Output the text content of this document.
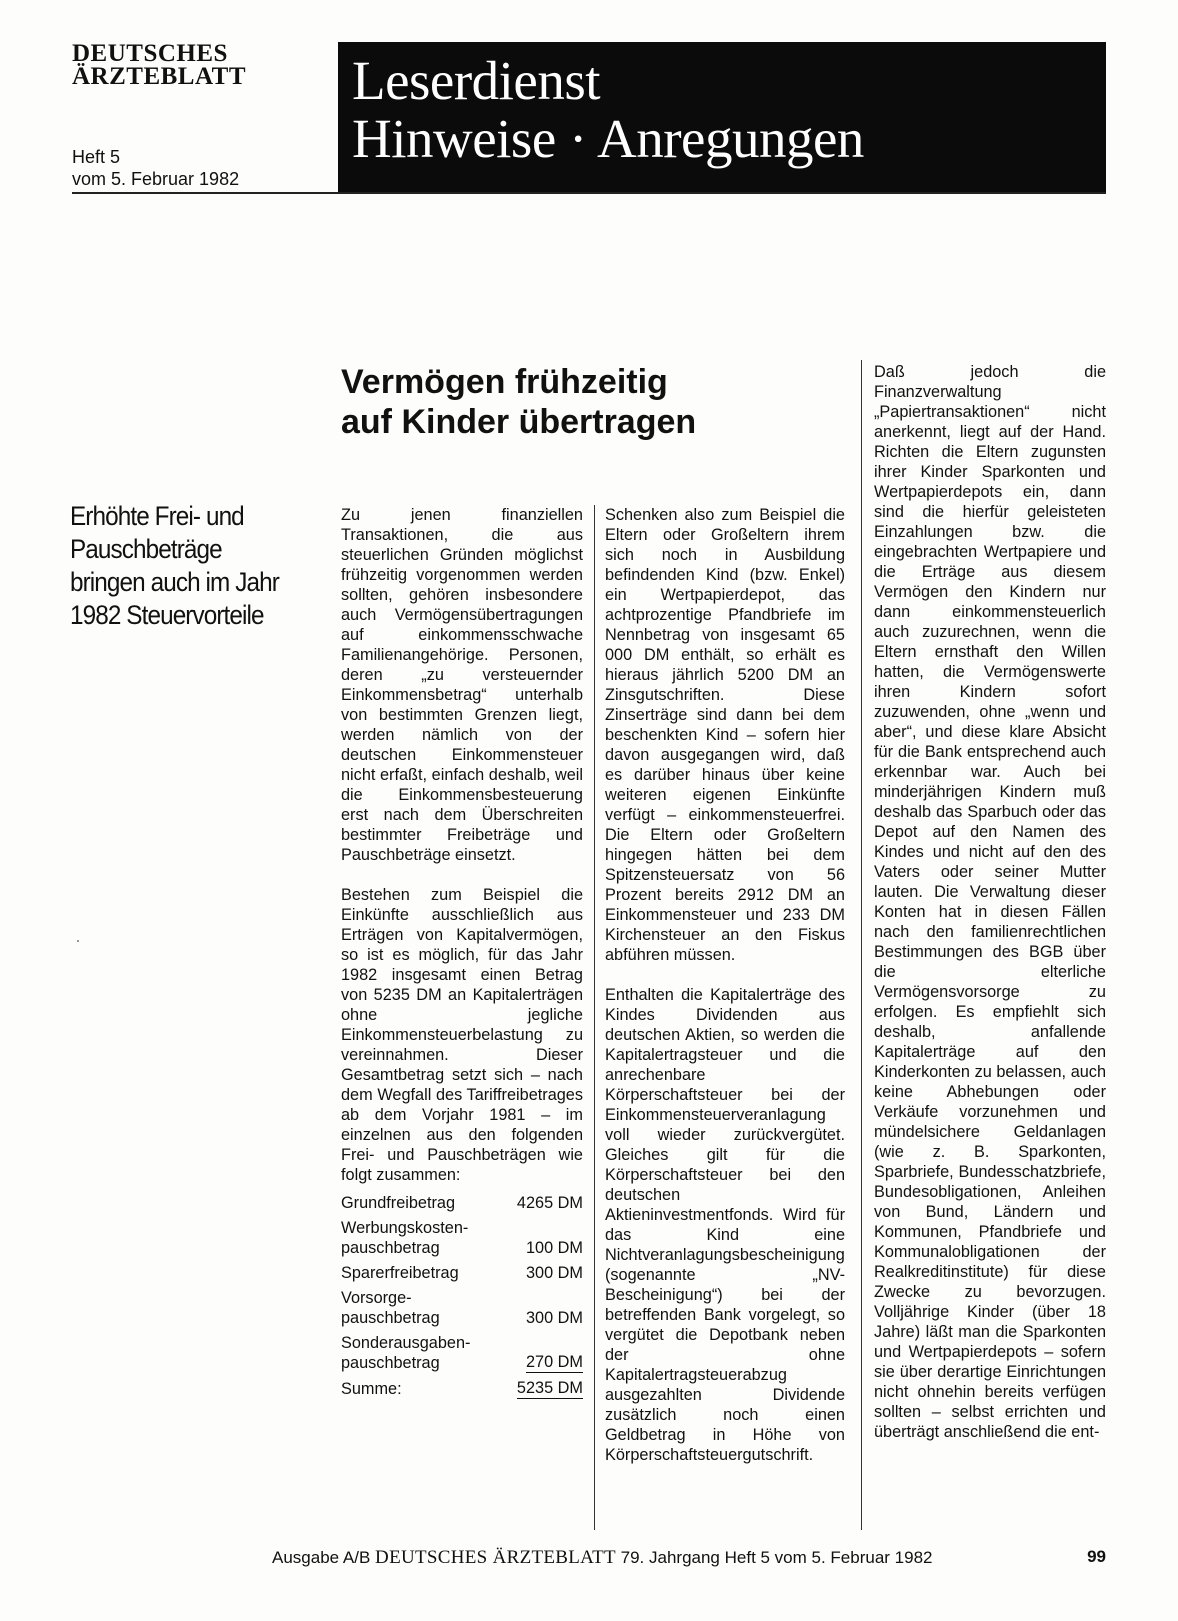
DEUTSCHES
ÄRZTEBLATT
Heft 5
vom 5. Februar 1982
Leserdienst
Hinweise · Anregungen
Erhöhte Frei- und Pauschbeträge bringen auch im Jahr 1982 Steuervorteile
Vermögen frühzeitig
auf Kinder übertragen

Zu jenen finanziellen Transaktionen, die aus steuerlichen Gründen möglichst frühzeitig vorgenommen werden sollten, gehören insbesondere auch Vermögensübertragungen auf einkommensschwache Familienangehörige. Personen, deren „zu versteuernder Einkommensbetrag“ unterhalb von bestimmten Grenzen liegt, werden nämlich von der deutschen Einkommensteuer nicht erfaßt, einfach deshalb, weil die Einkommensbesteuerung erst nach dem Überschreiten bestimmter Freibeträge und Pauschbeträge einsetzt.

Bestehen zum Beispiel die Einkünfte ausschließlich aus Erträgen von Kapitalvermögen, so ist es möglich, für das Jahr 1982 insgesamt einen Betrag von 5235 DM an Kapitalerträgen ohne jegliche Einkommensteuerbelastung zu vereinnahmen. Dieser Gesamtbetrag setzt sich – nach dem Wegfall des Tariffreibetrages ab dem Vorjahr 1981 – im einzelnen aus den folgenden Frei- und Pauschbeträgen wie folgt zusammen:

Grundfreibetrag	4265 DM
Werbungskosten-
pauschbetrag	100 DM
Sparerfreibetrag	300 DM
Vorsorge-
pauschbetrag	300 DM
Sonderausgaben-
pauschbetrag	270 DM
Summe:	5235 DM

Schenken also zum Beispiel die Eltern oder Großeltern ihrem sich noch in Ausbildung befindenden Kind (bzw. Enkel) ein Wertpapierdepot, das achtprozentige Pfandbriefe im Nennbetrag von insgesamt 65 000 DM enthält, so erhält es hieraus jährlich 5200 DM an Zinsgutschriften. Diese Zinserträge sind dann bei dem beschenkten Kind – sofern hier davon ausgegangen wird, daß es darüber hinaus über keine weiteren eigenen Einkünfte verfügt – einkommensteuerfrei. Die Eltern oder Großeltern hingegen hätten bei dem Spitzensteuersatz von 56 Prozent bereits 2912 DM an Einkommensteuer und 233 DM Kirchensteuer an den Fiskus abführen müssen.

Enthalten die Kapitalerträge des Kindes Dividenden aus deutschen Aktien, so werden die Kapitalertragsteuer und die anrechenbare Körperschaftsteuer bei der Einkommensteuerveranlagung voll wieder zurückvergütet. Gleiches gilt für die Körperschaftsteuer bei den deutschen Aktieninvestmentfonds. Wird für das Kind eine Nichtveranlagungsbescheinigung (sogenannte „NV-Bescheinigung“) bei der betreffenden Bank vorgelegt, so vergütet die Depotbank neben der ohne Kapitalertragsteuerabzug ausgezahlten Dividende zusätzlich noch einen Geldbetrag in Höhe von Körperschaftsteuergutschrift.

Daß jedoch die Finanzverwaltung „Papiertransaktionen“ nicht anerkennt, liegt auf der Hand. Richten die Eltern zugunsten ihrer Kinder Sparkonten und Wertpapierdepots ein, dann sind die hierfür geleisteten Einzahlungen bzw. die eingebrachten Wertpapiere und die Erträge aus diesem Vermögen den Kindern nur dann einkommensteuerlich auch zuzurechnen, wenn die Eltern ernsthaft den Willen hatten, die Vermögenswerte ihren Kindern sofort zuzuwenden, ohne „wenn und aber“, und diese klare Absicht für die Bank entsprechend auch erkennbar war. Auch bei minderjährigen Kindern muß deshalb das Sparbuch oder das Depot auf den Namen des Kindes und nicht auf den des Vaters oder seiner Mutter lauten. Die Verwaltung dieser Konten hat in diesen Fällen nach den familienrechtlichen Bestimmungen des BGB über die elterliche Vermögensvorsorge zu erfolgen. Es empfiehlt sich deshalb, anfallende Kapitalerträge auf den Kinderkonten zu belassen, auch keine Abhebungen oder Verkäufe vorzunehmen und mündelsichere Geldanlagen (wie z. B. Sparkonten, Sparbriefe, Bundesschatzbriefe, Bundesobligationen, Anleihen von Bund, Ländern und Kommunen, Pfandbriefe und Kommunalobligationen der Realkreditinstitute) für diese Zwecke zu bevorzugen. Volljährige Kinder (über 18 Jahre) läßt man die Sparkonten und Wertpapierdepots – sofern sie über derartige Einrichtungen nicht ohnehin bereits verfügen sollten – selbst errichten und überträgt anschließend die ent-

Ausgabe A/B DEUTSCHES ÄRZTEBLATT 79. Jahrgang Heft 5 vom 5. Februar 1982	99
